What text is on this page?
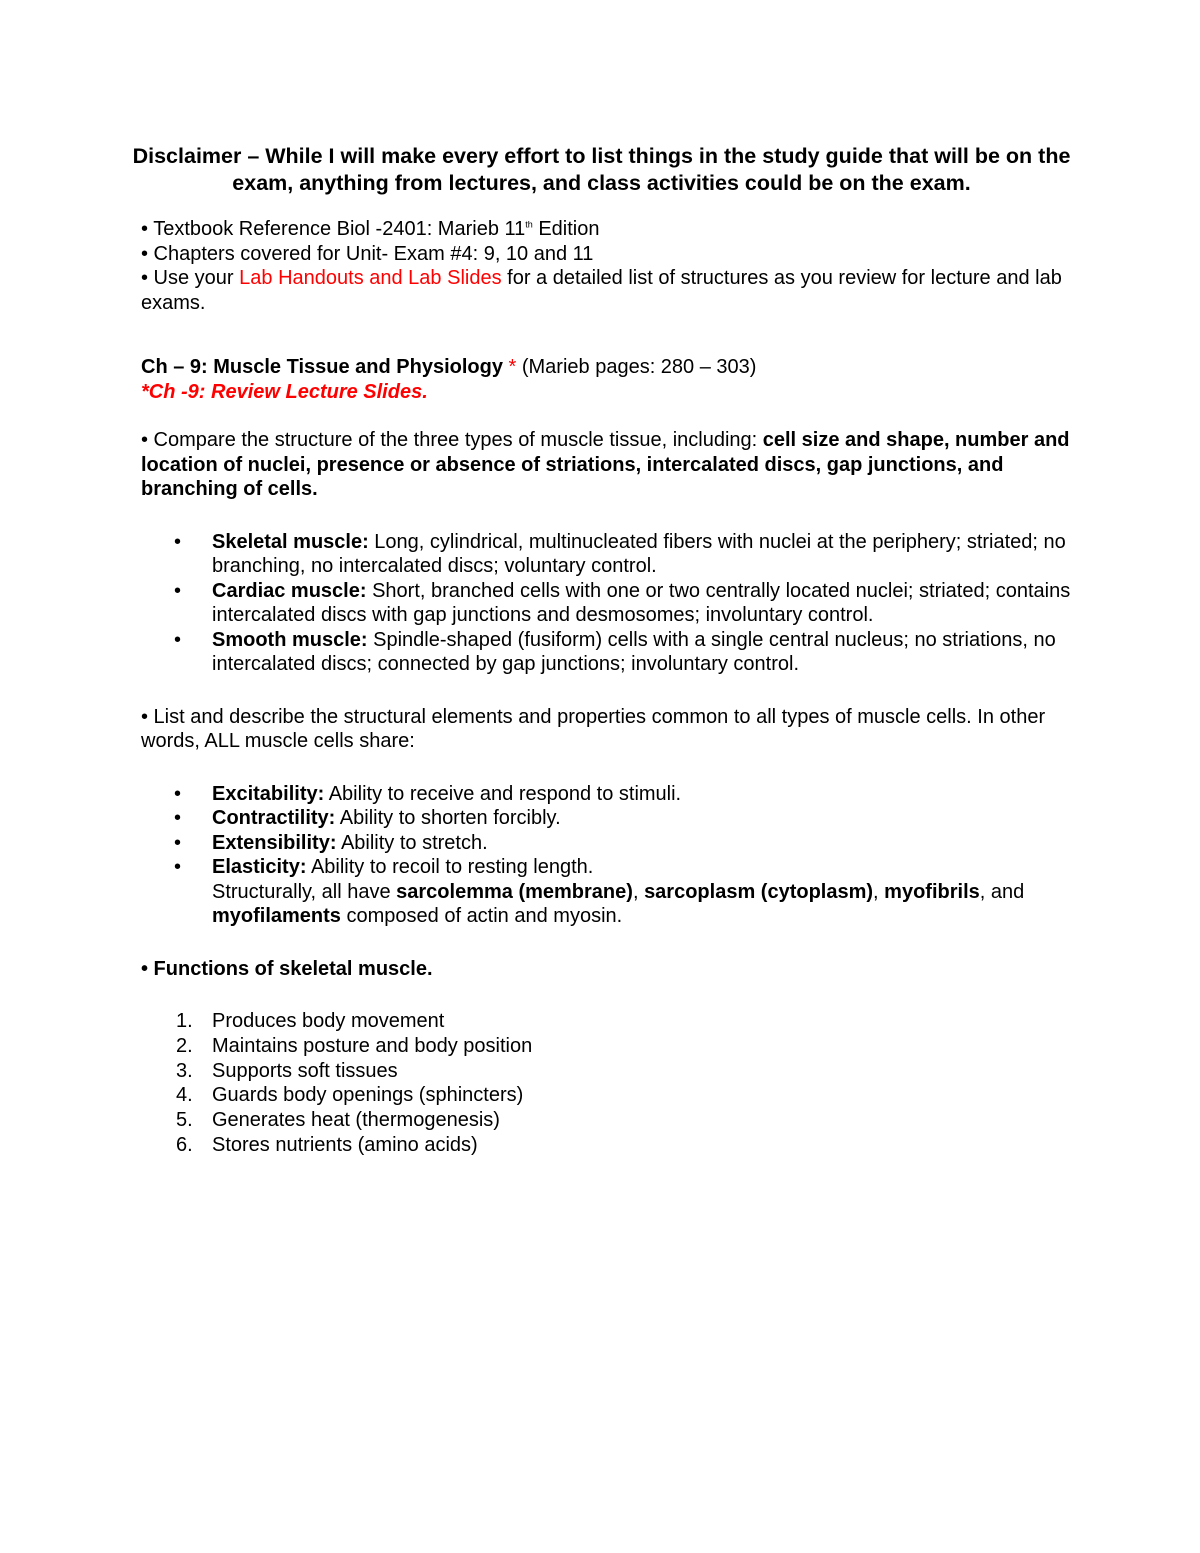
Disclaimer – While I will make every effort to list things in the study guide that will be on the exam, anything from lectures, and class activities could be on the exam.

• Textbook Reference Biol -2401: Marieb 11th Edition

• Chapters covered for Unit- Exam #4: 9, 10 and 11

• Use your Lab Handouts and Lab Slides for a detailed list of structures as you review for lecture and lab exams.

Ch – 9: Muscle Tissue and Physiology * (Marieb pages: 280 – 303)

*Ch -9: Review Lecture Slides.

• Compare the structure of the three types of muscle tissue, including: cell size and shape, number and location of nuclei, presence or absence of striations, intercalated discs, gap junctions, and branching of cells.

• Skeletal muscle: Long, cylindrical, multinucleated fibers with nuclei at the periphery; striated; no branching, no intercalated discs; voluntary control.
• Cardiac muscle: Short, branched cells with one or two centrally located nuclei; striated; contains intercalated discs with gap junctions and desmosomes; involuntary control.
• Smooth muscle: Spindle-shaped (fusiform) cells with a single central nucleus; no striations, no intercalated discs; connected by gap junctions; involuntary control.

• List and describe the structural elements and properties common to all types of muscle cells. In other words, ALL muscle cells share:

• Excitability: Ability to receive and respond to stimuli.
• Contractility: Ability to shorten forcibly.
• Extensibility: Ability to stretch.
• Elasticity: Ability to recoil to resting length.
Structurally, all have sarcolemma (membrane), sarcoplasm (cytoplasm), myofibrils, and myofilaments composed of actin and myosin.

• Functions of skeletal muscle.

1. Produces body movement
2. Maintains posture and body position
3. Supports soft tissues
4. Guards body openings (sphincters)
5. Generates heat (thermogenesis)
6. Stores nutrients (amino acids)
